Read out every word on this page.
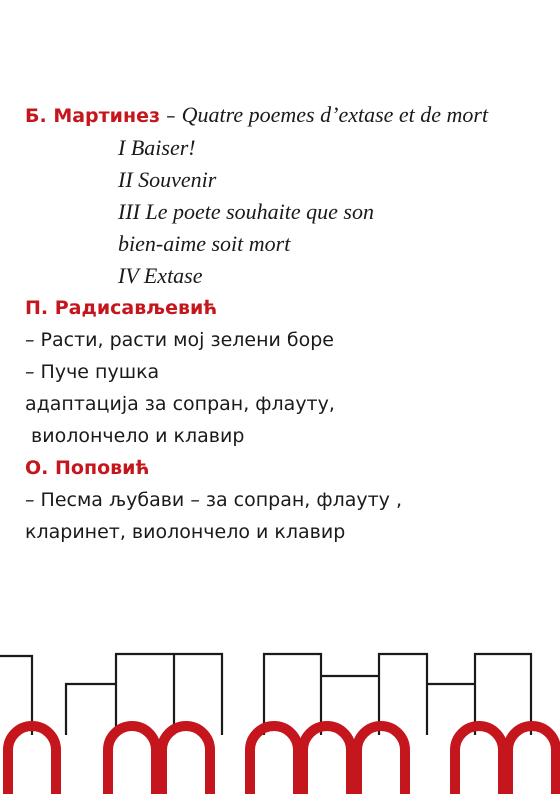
Б. Мартинез – Quatre poemes d’extase et de mort
I Baiser!
II Souvenir
III Le poete souhaite que son
bien-aime soit mort
IV Extase
П. Радисављевић
– Расти, расти мој зелени боре
– Пуче пушка
адаптација за сопран, флауту,
виолончело и клавир
О. Поповић
– Песма љубави – за сопран, флауту ,
кларинет, виолончело и клавир
